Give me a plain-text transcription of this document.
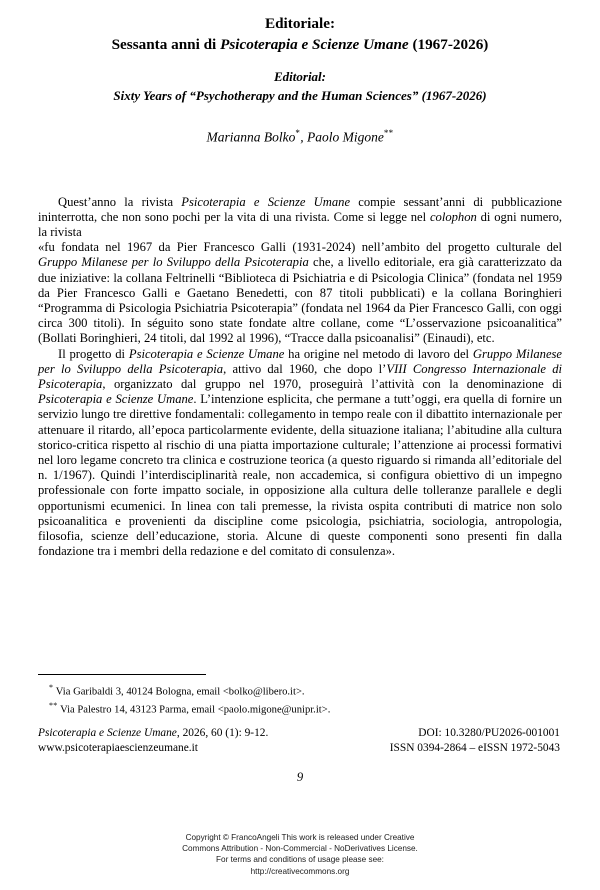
Editoriale:
Sessanta anni di Psicoterapia e Scienze Umane (1967-2026)
Editorial:
Sixty Years of “Psychotherapy and the Human Sciences” (1967-2026)
Marianna Bolko*, Paolo Migone**

Quest’anno la rivista Psicoterapia e Scienze Umane compie sessant’anni di pubblicazione ininterrotta, che non sono pochi per la vita di una rivista. Come si legge nel colophon di ogni numero, la rivista

«fu fondata nel 1967 da Pier Francesco Galli (1931-2024) nell’ambito del progetto culturale del Gruppo Milanese per lo Sviluppo della Psicoterapia che, a livello editoriale, era già caratterizzato da due iniziative: la collana Feltrinelli “Biblioteca di Psichiatria e di Psicologia Clinica” (fondata nel 1959 da Pier Francesco Galli e Gaetano Benedetti, con 87 titoli pubblicati) e la collana Boringhieri “Programma di Psicologia Psichiatria Psicoterapia” (fondata nel 1964 da Pier Francesco Galli, con oggi circa 300 titoli). In séguito sono state fondate altre collane, come “L’osservazione psicoanalitica” (Bollati Boringhieri, 24 titoli, dal 1992 al 1996), “Tracce dalla psicoanalisi” (Einaudi), etc.

Il progetto di Psicoterapia e Scienze Umane ha origine nel metodo di lavoro del Gruppo Milanese per lo Sviluppo della Psicoterapia, attivo dal 1960, che dopo l’VIII Congresso Internazionale di Psicoterapia, organizzato dal gruppo nel 1970, proseguirà l’attività con la denominazione di Psicoterapia e Scienze Umane. L’intenzione esplicita, che permane a tutt’oggi, era quella di fornire un servizio lungo tre direttive fondamentali: collegamento in tempo reale con il dibattito internazionale per attenuare il ritardo, all’epoca particolarmente evidente, della situazione italiana; l’abitudine alla cultura storico-critica rispetto al rischio di una piatta importazione culturale; l’attenzione ai processi formativi nel loro legame concreto tra clinica e costruzione teorica (a questo riguardo si rimanda all’editoriale del n. 1/1967). Quindi l’interdisciplinarità reale, non accademica, si configura obiettivo di un impegno professionale con forte impatto sociale, in opposizione alla cultura delle tolleranze parallele e degli opportunismi ecumenici. In linea con tali premesse, la rivista ospita contributi di matrice non solo psicoanalitica e provenienti da discipline come psicologia, psichiatria, sociologia, antropologia, filosofia, scienze dell’educazione, storia. Alcune di queste componenti sono presenti fin dalla fondazione tra i membri della redazione e del comitato di consulenza».

* Via Garibaldi 3, 40124 Bologna, email <bolko@libero.it>.
** Via Palestro 14, 43123 Parma, email <paolo.migone@unipr.it>.
Psicoterapia e Scienze Umane, 2026, 60 (1): 9-12.	DOI: 10.3280/PU2026-001001
www.psicoterapiaescienzeumane.it	ISSN 0394-2864 – eISSN 1972-5043
9
Copyright © FrancoAngeli This work is released under Creative
Commons Attribution - Non-Commercial - NoDerivatives License.
For terms and conditions of usage please see:
http://creativecommons.org
